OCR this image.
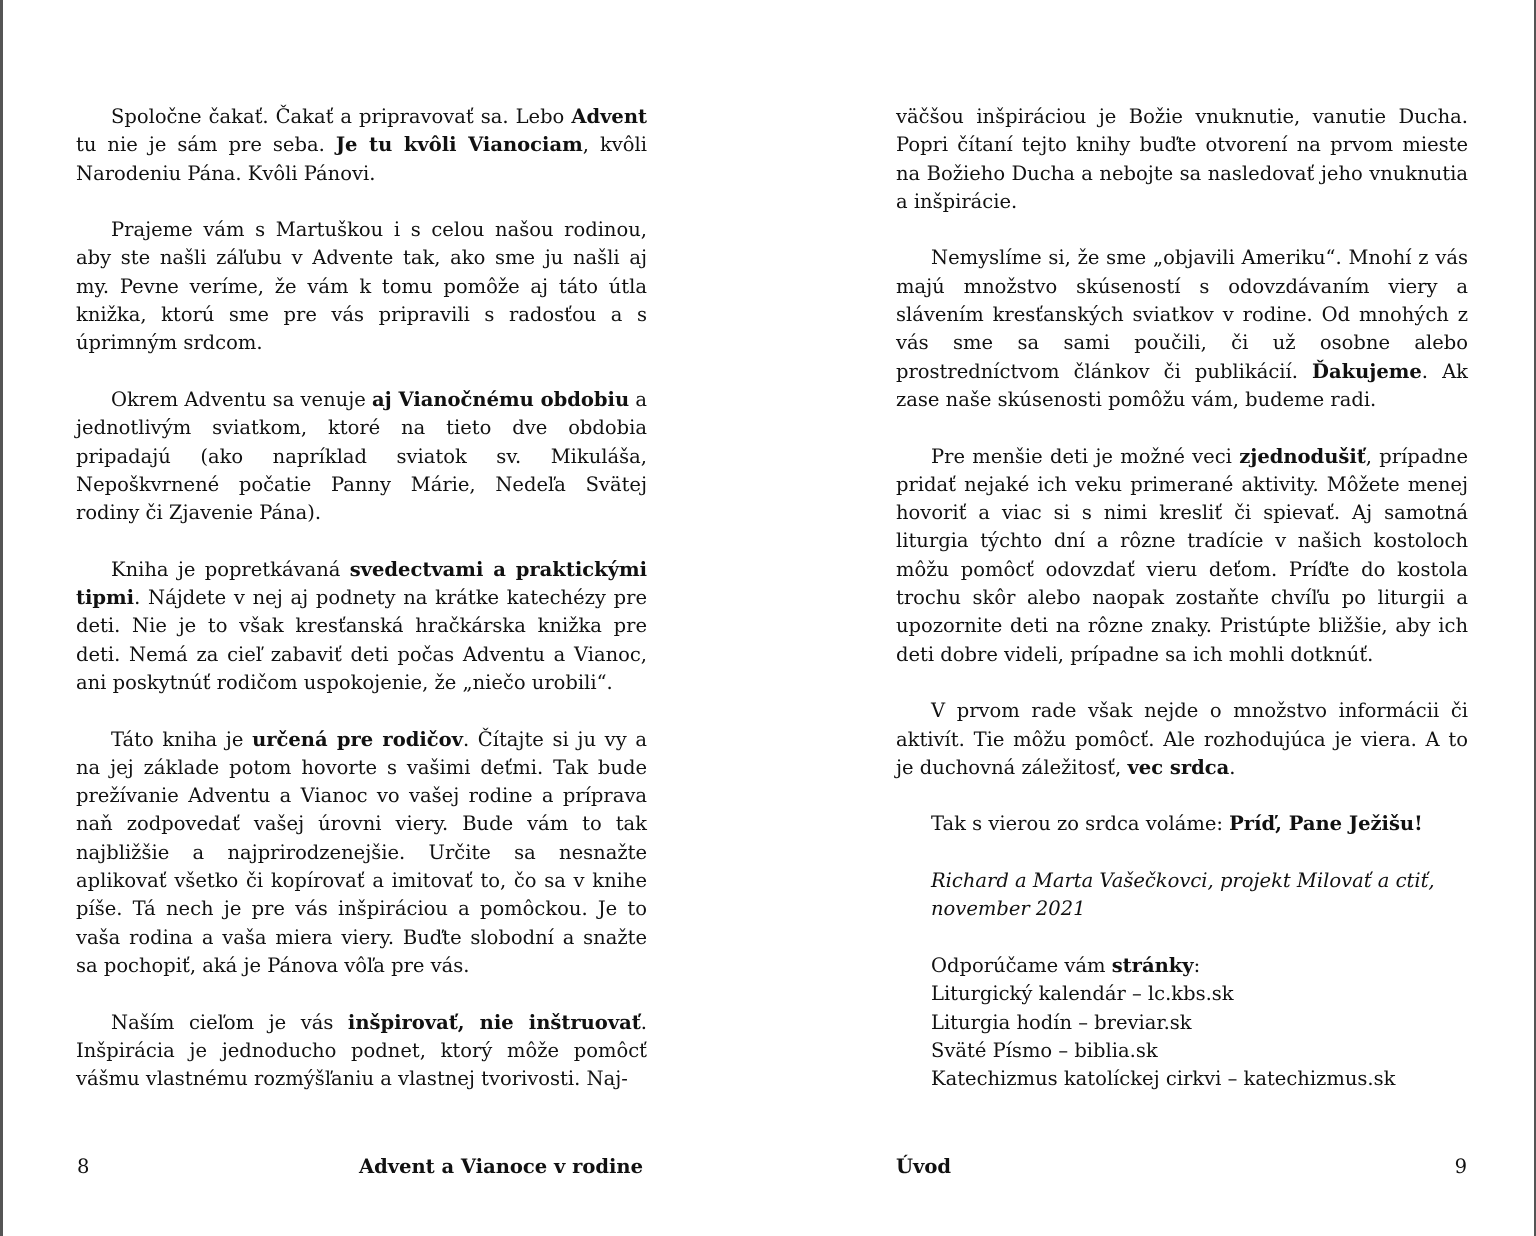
Spoločne čakať. Čakať a pripravovať sa. Lebo Advent tu nie je sám pre seba. Je tu kvôli Vianociam, kvôli Narodeniu Pána. Kvôli Pánovi.

Prajeme vám s Martuškou i s celou našou rodinou, aby ste našli záľubu v Advente tak, ako sme ju našli aj my. Pevne veríme, že vám k tomu pomôže aj táto útla knižka, ktorú sme pre vás pripravili s radosťou a s úprimným srdcom.

Okrem Adventu sa venuje aj Vianočnému obdobiu a jednotlivým sviatkom, ktoré na tieto dve obdobia pripadajú (ako napríklad sviatok sv. Mikuláša, Nepoškvrnené počatie Panny Márie, Nedeľa Svätej rodiny či Zjavenie Pána).

Kniha je popretkávaná svedectvami a praktickými tipmi. Nájdete v nej aj podnety na krátke katechézy pre deti. Nie je to však kresťanská hračkárska knižka pre deti. Nemá za cieľ zabaviť deti počas Adventu a Vianoc, ani poskytnúť rodičom uspokojenie, že „niečo urobili“.

Táto kniha je určená pre rodičov. Čítajte si ju vy a na jej základe potom hovorte s vašimi deťmi. Tak bude prežívanie Adventu a Vianoc vo vašej rodine a príprava naň zodpovedať vašej úrovni viery. Bude vám to tak najbližšie a najprirodzenejšie. Určite sa nesnažte aplikovať všetko či kopírovať a imitovať to, čo sa v knihe píše. Tá nech je pre vás inšpiráciou a pomôckou. Je to vaša rodina a vaša miera viery. Buďte slobodní a snažte sa pochopiť, aká je Pánova vôľa pre vás.

Naším cieľom je vás inšpirovať, nie inštruovať. Inšpirácia je jednoducho podnet, ktorý môže pomôcť vášmu vlastnému rozmýšľaniu a vlastnej tvorivosti. Naj-

8	Advent a Vianoce v rodine

väčšou inšpiráciou je Božie vnuknutie, vanutie Ducha. Popri čítaní tejto knihy buďte otvorení na prvom mieste na Božieho Ducha a nebojte sa nasledovať jeho vnuknutia a inšpirácie.

Nemyslíme si, že sme „objavili Ameriku“. Mnohí z vás majú množstvo skúseností s odovzdávaním viery a slávením kresťanských sviatkov v rodine. Od mnohých z vás sme sa sami poučili, či už osobne alebo prostredníctvom článkov či publikácií. Ďakujeme. Ak zase naše skúsenosti pomôžu vám, budeme radi.

Pre menšie deti je možné veci zjednodušiť, prípadne pridať nejaké ich veku primerané aktivity. Môžete menej hovoriť a viac si s nimi kresliť či spievať. Aj samotná liturgia týchto dní a rôzne tradície v našich kostoloch môžu pomôcť odovzdať vieru deťom. Príďte do kostola trochu skôr alebo naopak zostaňte chvíľu po liturgii a upozornite deti na rôzne znaky. Pristúpte bližšie, aby ich deti dobre videli, prípadne sa ich mohli dotknúť.

V prvom rade však nejde o množstvo informácii či aktivít. Tie môžu pomôcť. Ale rozhodujúca je viera. A to je duchovná záležitosť, vec srdca.

Tak s vierou zo srdca voláme: Príď, Pane Ježišu!

Richard a Marta Vašečkovci, projekt Milovať a ctiť,
november 2021

Odporúčame vám stránky:
Liturgický kalendár – lc.kbs.sk
Liturgia hodín – breviar.sk
Sväté Písmo – biblia.sk
Katechizmus katolíckej cirkvi – katechizmus.sk
Úvod	9
